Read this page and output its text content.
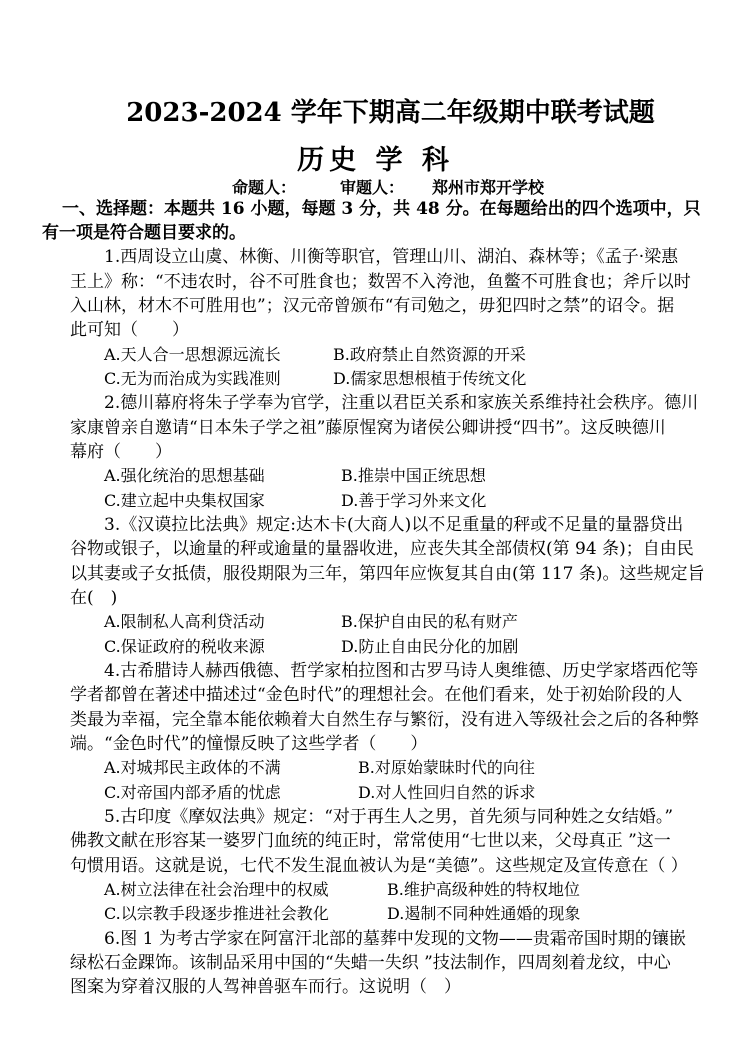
2023-2024 学年下期高二年级期中联考试题
历史 学 科
命题人：	审题人： 郑州市郑开学校
一、选择题：本题共 16 小题，每题 3 分，共 48 分。在每题给出的四个选项中，只
有一项是符合题目要求的。
1.西周设立山虞、林衡、川衡等职官，管理山川、湖泊、森林等；《孟子·梁惠
王上》称：“不违农时，谷不可胜食也；数罟不入洿池，鱼鳖不可胜食也；斧斤以时
入山林，材木不可胜用也”；汉元帝曾颁布“有司勉之，毋犯四时之禁”的诏令。据
此可知（　　）
A.天人合一思想源远流长	B.政府禁止自然资源的开采
C.无为而治成为实践准则	D.儒家思想根植于传统文化
2.德川幕府将朱子学奉为官学，注重以君臣关系和家族关系维持社会秩序。德川
家康曾亲自邀请“日本朱子学之祖”藤原惺窝为诸侯公卿讲授“四书”。这反映德川
幕府（　　）
A.强化统治的思想基础	B.推崇中国正统思想
C.建立起中央集权国家	D.善于学习外来文化
3.《汉谟拉比法典》规定:达木卡(大商人)以不足重量的秤或不足量的量器贷出
谷物或银子，以逾量的秤或逾量的量器收进，应丧失其全部债权(第 94 条)；自由民
以其妻或子女抵债，服役期限为三年，第四年应恢复其自由(第 117 条)。这些规定旨
在(　)
A.限制私人高利贷活动	B.保护自由民的私有财产
C.保证政府的税收来源	D.防止自由民分化的加剧
4.古希腊诗人赫西俄德、哲学家柏拉图和古罗马诗人奥维德、历史学家塔西佗等
学者都曾在著述中描述过“金色时代”的理想社会。在他们看来，处于初始阶段的人
类最为幸福，完全靠本能依赖着大自然生存与繁衍，没有进入等级社会之后的各种弊
端。“金色时代”的憧憬反映了这些学者（　　）
A.对城邦民主政体的不满	B.对原始蒙昧时代的向往
C.对帝国内部矛盾的忧虑	D.对人性回归自然的诉求
5.古印度《摩奴法典》规定：“对于再生人之男，首先须与同种姓之女结婚。”
佛教文献在形容某一婆罗门血统的纯正时，常常使用“七世以来，父母真正 ”这一
句惯用语。这就是说，七代不发生混血被认为是“美德”。这些规定及宣传意在（ ）
A.树立法律在社会治理中的权威	B.维护高级种姓的特权地位
C.以宗教手段逐步推进社会教化	D.遏制不同种姓通婚的现象
6.图 1 为考古学家在阿富汗北部的墓葬中发现的文物——贵霜帝国时期的镶嵌
绿松石金踝饰。该制品采用中国的“失蜡一失织 ”技法制作，四周刻着龙纹，中心
图案为穿着汉服的人驾神兽驱车而行。这说明（　）
